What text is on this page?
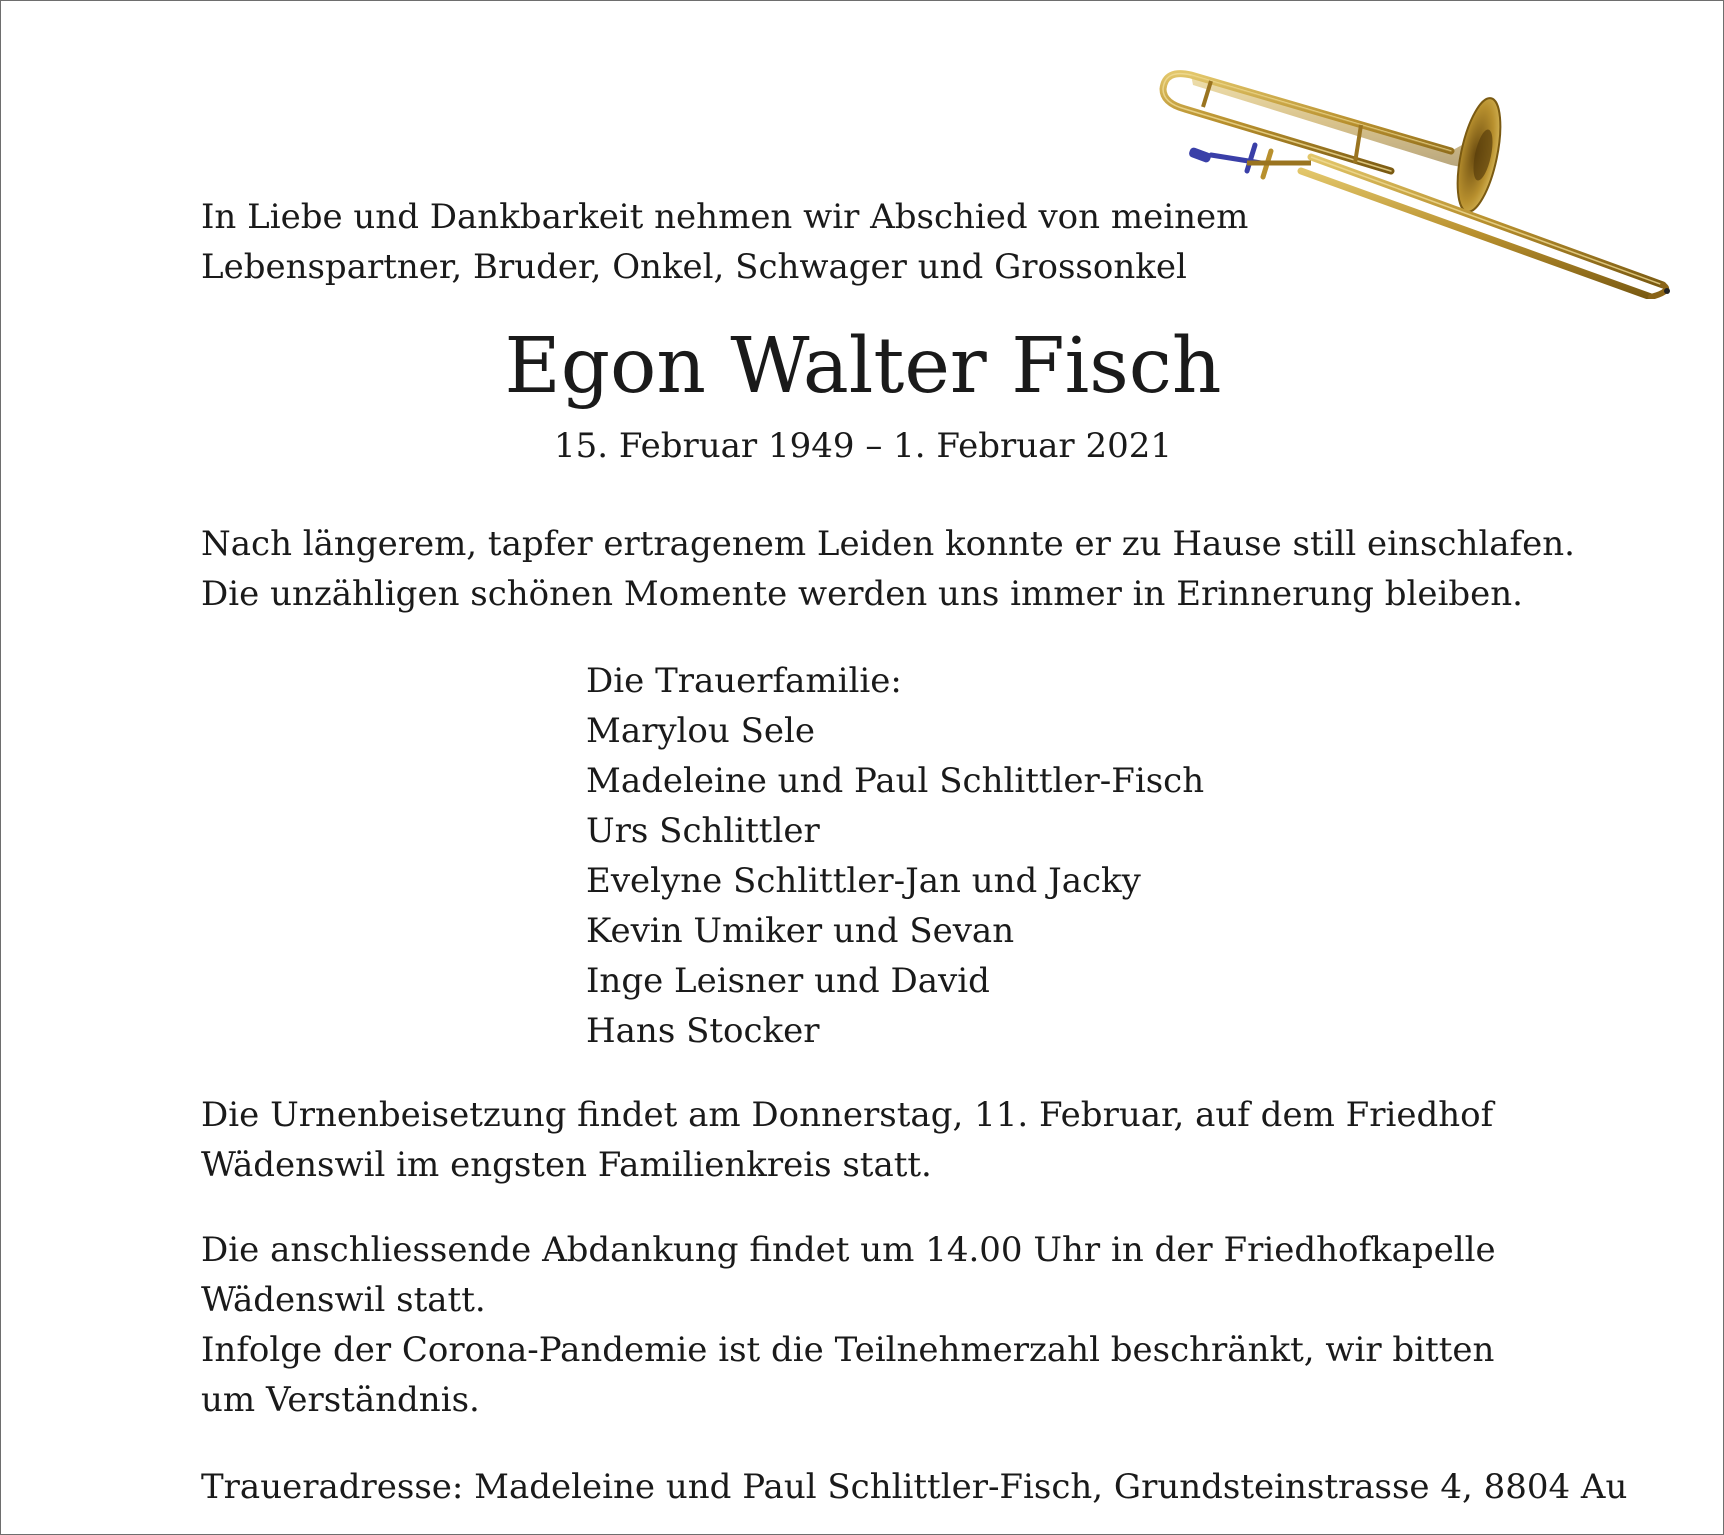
In Liebe und Dankbarkeit nehmen wir Abschied von meinem
Lebenspartner, Bruder, Onkel, Schwager und Grossonkel
Egon Walter Fisch
15. Februar 1949 – 1. Februar 2021
Nach längerem, tapfer ertragenem Leiden konnte er zu Hause still einschlafen.
Die unzähligen schönen Momente werden uns immer in Erinnerung bleiben.
Die Trauerfamilie:
Marylou Sele
Madeleine und Paul Schlittler-Fisch
Urs Schlittler
Evelyne Schlittler-Jan und Jacky
Kevin Umiker und Sevan
Inge Leisner und David
Hans Stocker
Die Urnenbeisetzung findet am Donnerstag, 11. Februar, auf dem Friedhof
Wädenswil im engsten Familienkreis statt.
Die anschliessende Abdankung findet um 14.00 Uhr in der Friedhofkapelle
Wädenswil statt.
Infolge der Corona-Pandemie ist die Teilnehmerzahl beschränkt, wir bitten
um Verständnis.
Traueradresse: Madeleine und Paul Schlittler-Fisch, Grundsteinstrasse 4, 8804 Au
